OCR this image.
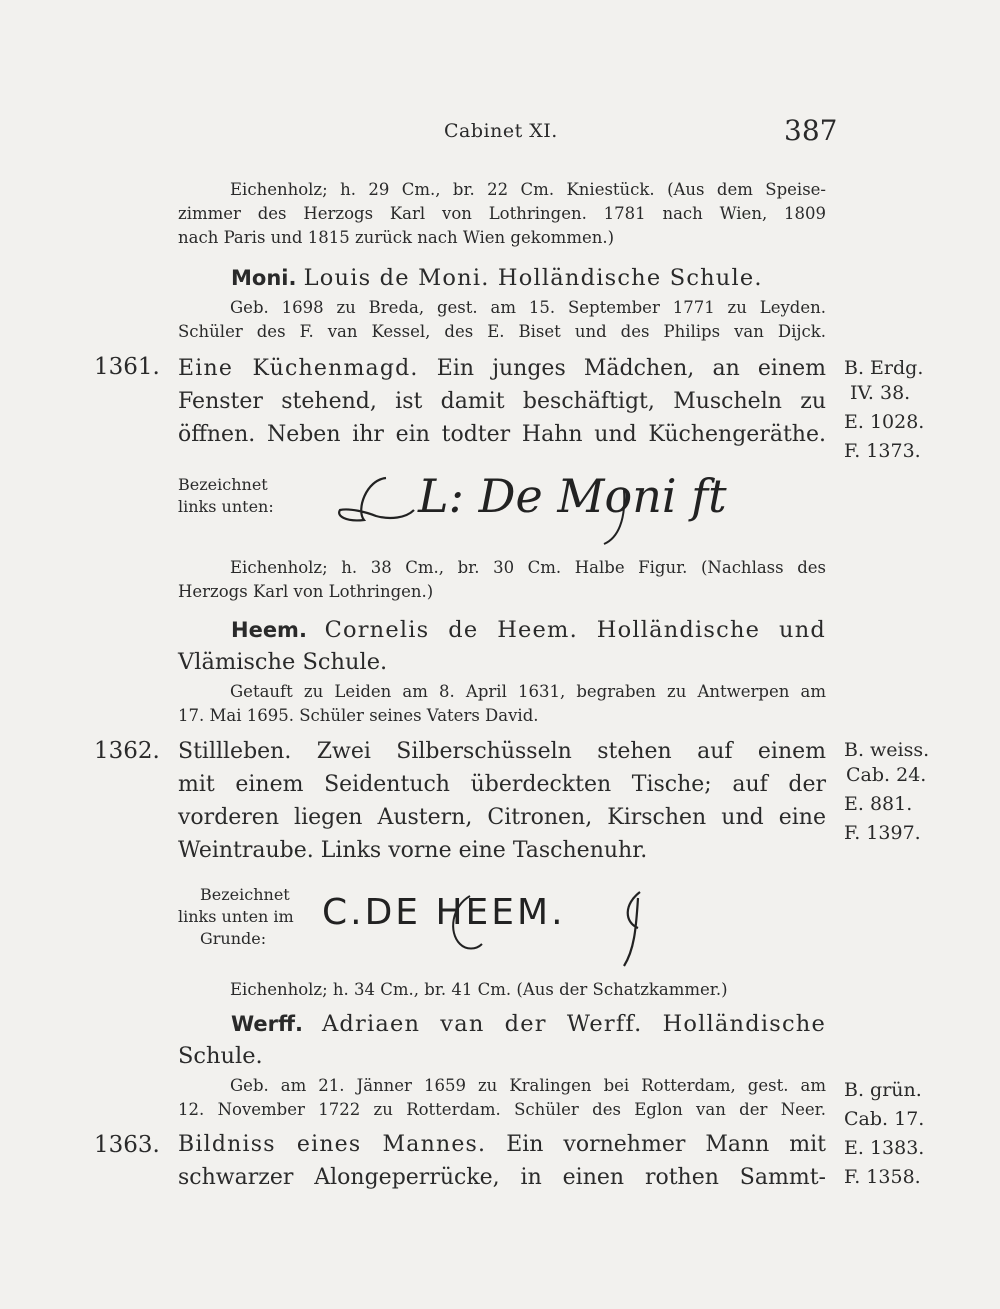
Cabinet XI.	387
Eichenholz; h. 29 Cm., br. 22 Cm. Kniestück. (Aus dem Speise-
zimmer des Herzogs Karl von Lothringen. 1781 nach Wien, 1809
nach Paris und 1815 zurück nach Wien gekommen.)
Moni. Louis de Moni. Holländische Schule.
Geb. 1698 zu Breda, gest. am 15. September 1771 zu Leyden.
Schüler des F. van Kessel, des E. Biset und des Philips van Dijck.
1361. Eine Küchenmagd. Ein junges Mädchen, an einem
Fenster stehend, ist damit beschäftigt, Muscheln zu
öffnen. Neben ihr ein todter Hahn und Küchengeräthe.
B. Erdg.
IV. 38.
E. 1028.
F. 1373.
Bezeichnet
links unten:	L: De Moni ft
Eichenholz; h. 38 Cm., br. 30 Cm. Halbe Figur. (Nachlass des
Herzogs Karl von Lothringen.)
Heem. Cornelis de Heem. Holländische und
Vlämische Schule.
Getauft zu Leiden am 8. April 1631, begraben zu Antwerpen am
17. Mai 1695. Schüler seines Vaters David.
1362. Stillleben. Zwei Silberschüsseln stehen auf einem
mit einem Seidentuch überdeckten Tische; auf der
vorderen liegen Austern, Citronen, Kirschen und eine
Weintraube. Links vorne eine Taschenuhr.
B. weiss.
Cab. 24.
E. 881.
F. 1397.
Bezeichnet
links unten im
Grunde:
C.DE HEEM.
Eichenholz; h. 34 Cm., br. 41 Cm. (Aus der Schatzkammer.)
Werff. Adriaen van der Werff. Holländische
Schule.
Geb. am 21. Jänner 1659 zu Kralingen bei Rotterdam, gest. am
12. November 1722 zu Rotterdam. Schüler des Eglon van der Neer.
1363. Bildniss eines Mannes. Ein vornehmer Mann mit
schwarzer Alongeperrücke, in einen rothen Sammt-
B. grün.
Cab. 17.
E. 1383.
F. 1358.
